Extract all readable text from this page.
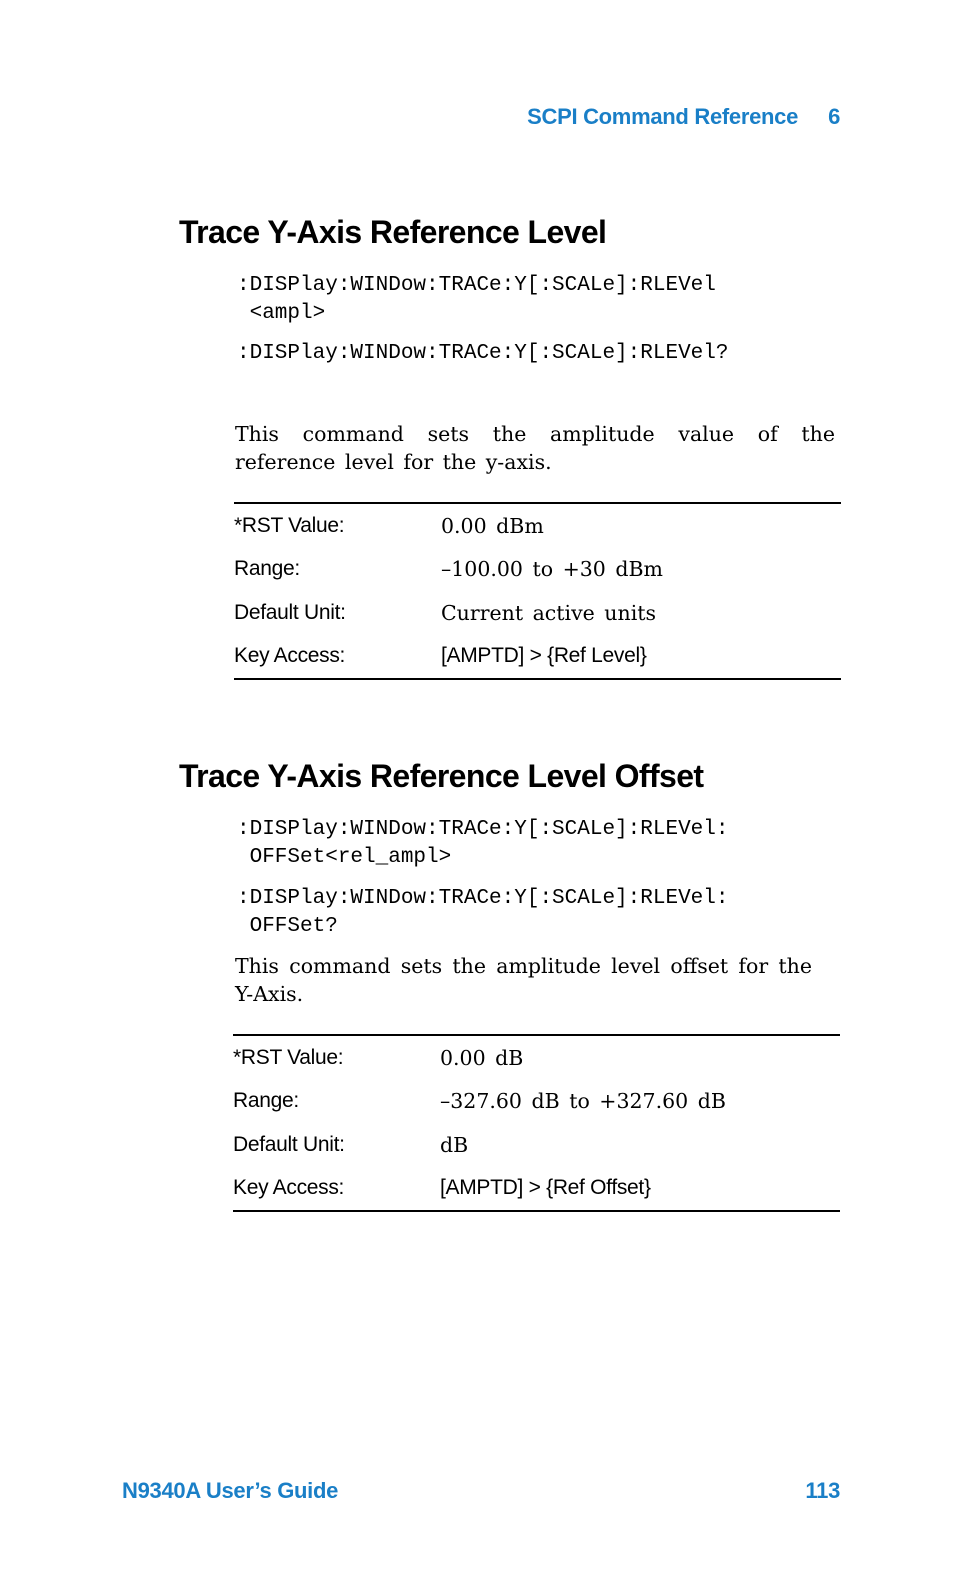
SCPI Command Reference 6
Trace Y-Axis Reference Level
:DISPlay:WINDow:TRACe:Y[:SCALe]:RLEVel
<ampl>
:DISPlay:WINDow:TRACe:Y[:SCALe]:RLEVel?
This command sets the amplitude value of the reference level for the y-axis.
*RST Value:	0.00 dBm
Range:	–100.00 to +30 dBm
Default Unit:	Current active units
Key Access:	[AMPTD] > {Ref Level}
Trace Y-Axis Reference Level Offset
:DISPlay:WINDow:TRACe:Y[:SCALe]:RLEVel:
OFFSet<rel_ampl>
:DISPlay:WINDow:TRACe:Y[:SCALe]:RLEVel:
OFFSet?
This command sets the amplitude level offset for the Y-Axis.
*RST Value:	0.00 dB
Range:	–327.60 dB to +327.60 dB
Default Unit:	dB
Key Access:	[AMPTD] > {Ref Offset}
N9340A User’s Guide	113
